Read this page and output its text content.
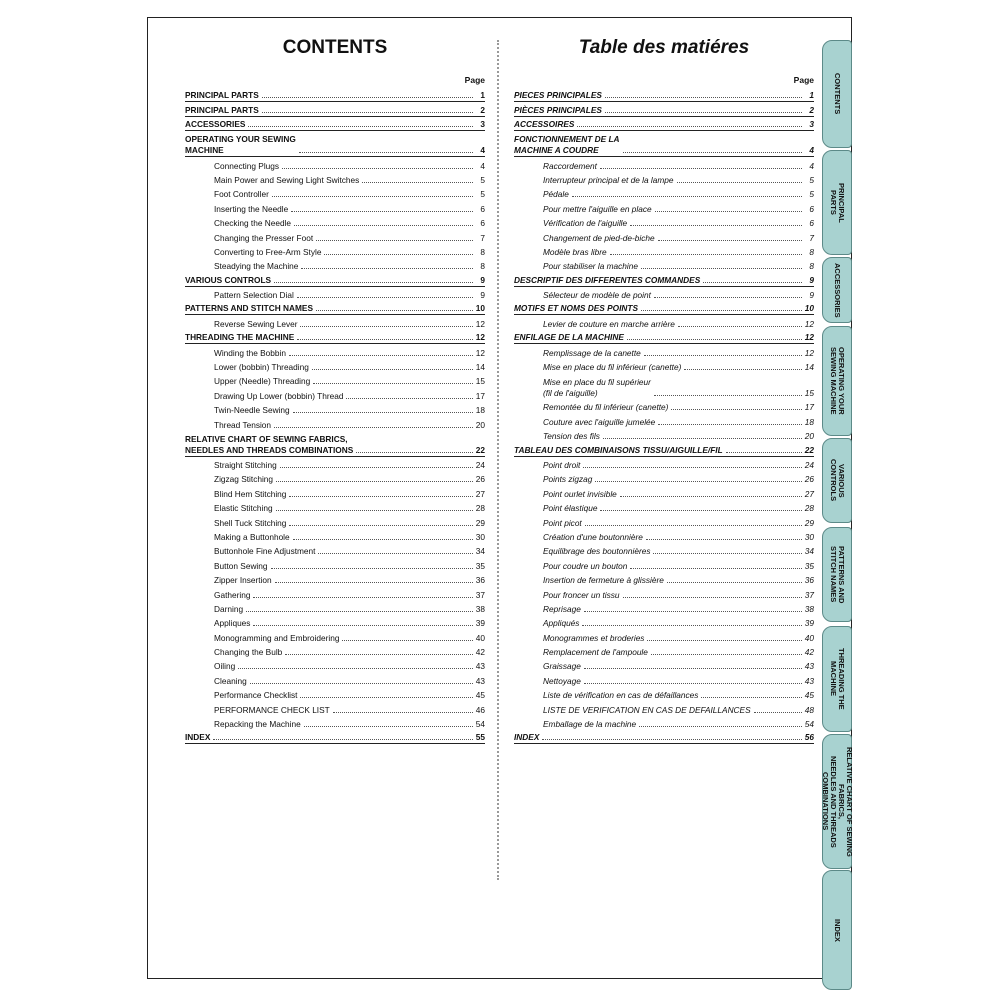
CONTENTS
Page
PRINCIPAL PARTS	1
PRINCIPAL PARTS	2
ACCESSORIES	3
OPERATING YOUR SEWING
MACHINE	4
Connecting Plugs	4
Main Power and Sewing Light Switches	5
Foot Controller	5
Inserting the Needle	6
Checking the Needle	6
Changing the Presser Foot	7
Converting to Free-Arm Style	8
Steadying the Machine	8
VARIOUS CONTROLS	9
Pattern Selection Dial	9
PATTERNS AND STITCH NAMES	10
Reverse Sewing Lever	12
THREADING THE MACHINE	12
Winding the Bobbin	12
Lower (bobbin) Threading	14
Upper (Needle) Threading	15
Drawing Up Lower (bobbin) Thread	17
Twin-Needle Sewing	18
Thread Tension	20
RELATIVE CHART OF SEWING FABRICS,
NEEDLES AND THREADS COMBINATIONS	22
Straight Stitching	24
Zigzag Stitching	26
Blind Hem Stitching	27
Elastic Stitching	28
Shell Tuck Stitching	29
Making a Buttonhole	30
Buttonhole Fine Adjustment	34
Button Sewing	35
Zipper Insertion	36
Gathering	37
Darning	38
Appliques	39
Monogramming and Embroidering	40
Changing the Bulb	42
Oiling	43
Cleaning	43
Performance Checklist	45
PERFORMANCE CHECK LIST	46
Repacking the Machine	54
INDEX	55
Table des matiéres
Page
PIECES PRINCIPALES	1
PIÈCES PRINCIPALES	2
ACCESSOIRES	3
FONCTIONNEMENT DE LA
MACHINE A COUDRE	4
Raccordement	4
Interrupteur principal et de la lampe	5
Pédale	5
Pour mettre l'aiguille en place	6
Vérification de l'aiguille	6
Changement de pied-de-biche	7
Modèle bras libre	8
Pour stabiliser la machine	8
DESCRIPTIF DES DIFFERENTES COMMANDES	9
Sélecteur de modèle de point	9
MOTIFS ET NOMS DES POINTS	10
Levier de couture en marche arrière	12
ENFILAGE DE LA MACHINE	12
Remplissage de la canette	12
Mise en place du fil inférieur (canette)	14
Mise en place du fil supérieur
(fil de l'aiguille)	15
Remontée du fil inférieur (canette)	17
Couture avec l'aiguille jumelée	18
Tension des fils	20
TABLEAU DES COMBINAISONS TISSU/AIGUILLE/FIL	22
Point droit	24
Points zigzag	26
Point ourlet invisible	27
Point élastique	28
Point picot	29
Création d'une boutonnière	30
Equilibrage des boutonnières	34
Pour coudre un bouton	35
Insertion de fermeture à glissière	36
Pour froncer un tissu	37
Reprisage	38
Appliqués	39
Monogrammes et broderies	40
Remplacement de l'ampoule	42
Graissage	43
Nettoyage	43
Liste de vérification en cas de défaillances	45
LISTE DE VERIFICATION EN CAS DE DEFAILLANCES	48
Emballage de la machine	54
INDEX	56
CONTENTS
PRINCIPAL
PARTS
ACCESSORIES
OPERATING YOUR
SEWING MACHINE
VARIOUS
CONTROLS
PATTERNS AND
STITCH NAMES
THREADING THE
MACHINE
RELATIVE CHART OF SEWING FABRICS,
NEEDLES AND THREADS COMBINATIONS
INDEX
